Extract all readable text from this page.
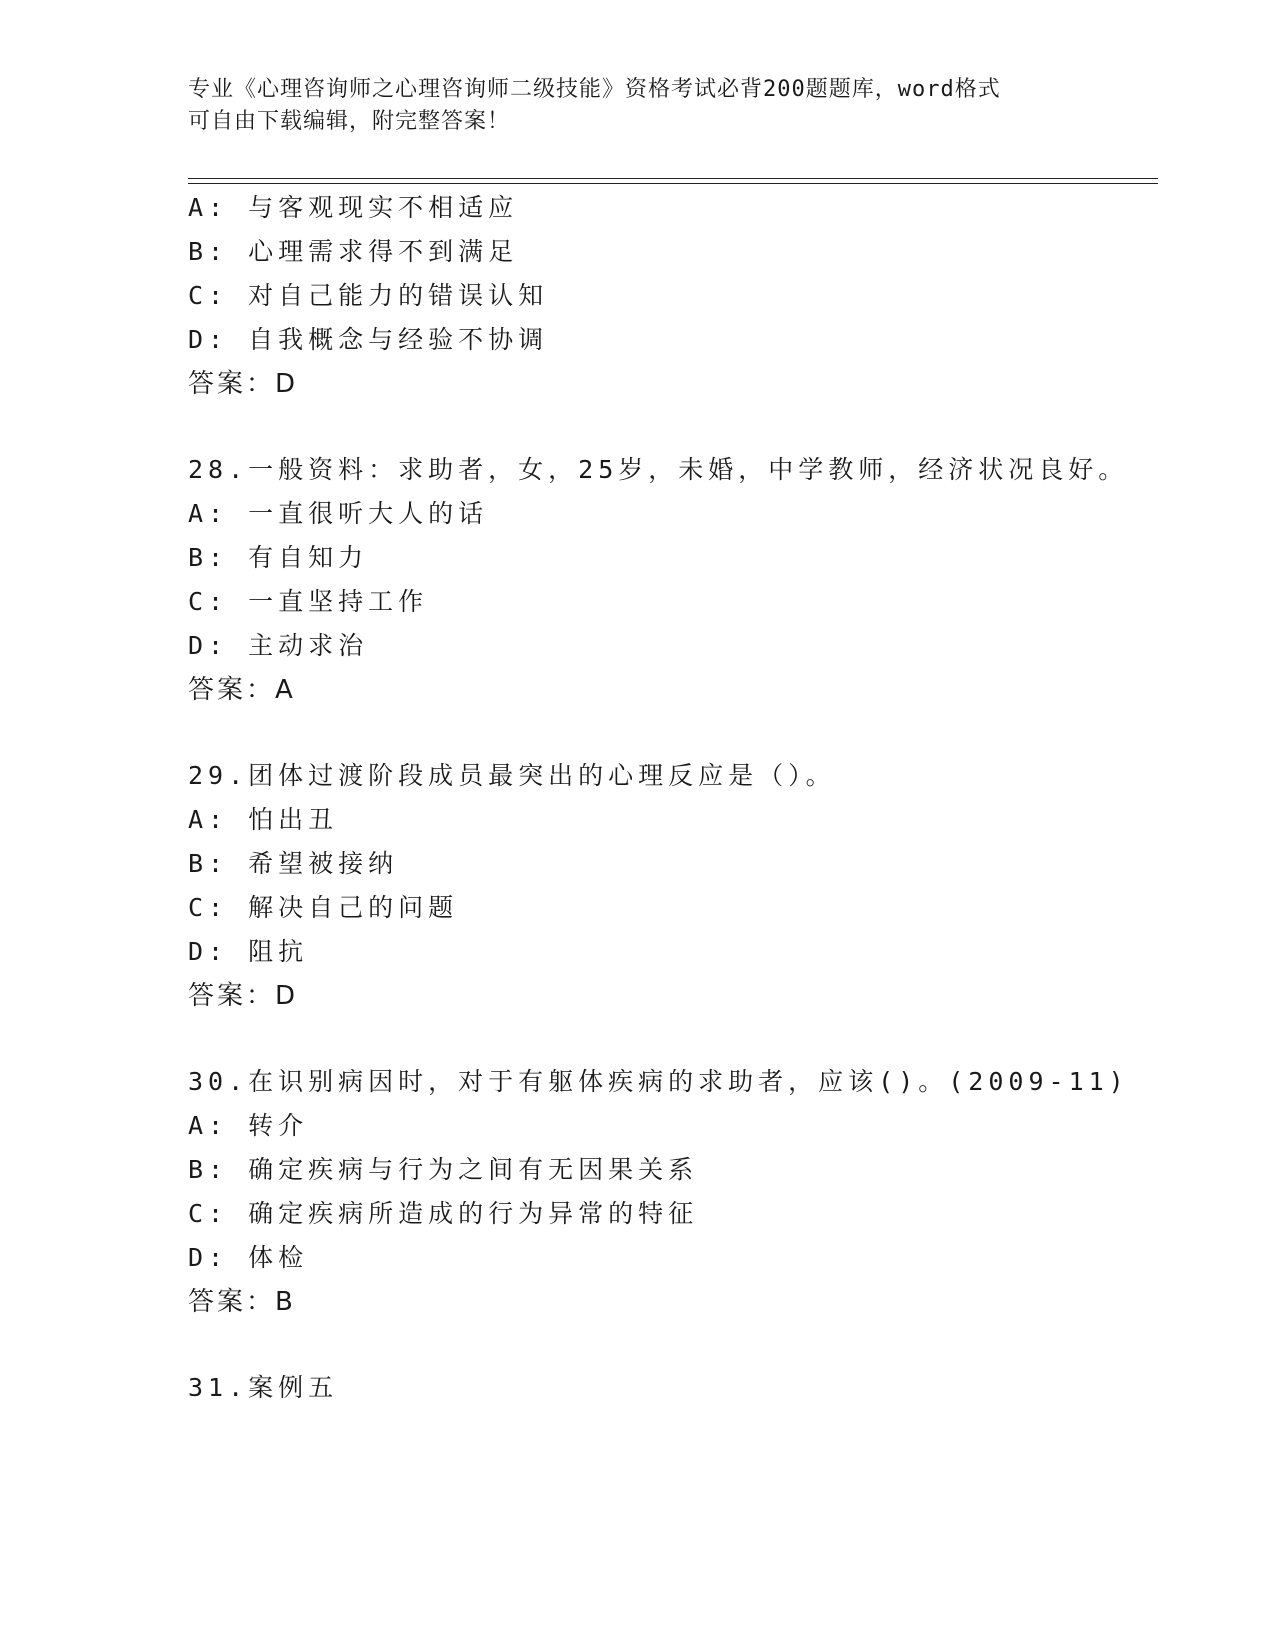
专业《心理咨询师之心理咨询师二级技能》资格考试必背200题题库，word格式
可自由下载编辑，附完整答案！
A: 与客观现实不相适应
B: 心理需求得不到满足
C: 对自己能力的错误认知
D: 自我概念与经验不协调
答案：D
28.一般资料：求助者，女，25岁，未婚，中学教师，经济状况良好。
A: 一直很听大人的话
B: 有自知力
C: 一直坚持工作
D: 主动求治
答案：A
29.团体过渡阶段成员最突出的心理反应是（）。
A: 怕出丑
B: 希望被接纳
C: 解决自己的问题
D: 阻抗
答案：D
30.在识别病因时，对于有躯体疾病的求助者，应该()。(2009-11)
A: 转介
B: 确定疾病与行为之间有无因果关系
C: 确定疾病所造成的行为异常的特征
D: 体检
答案：B
31.案例五
